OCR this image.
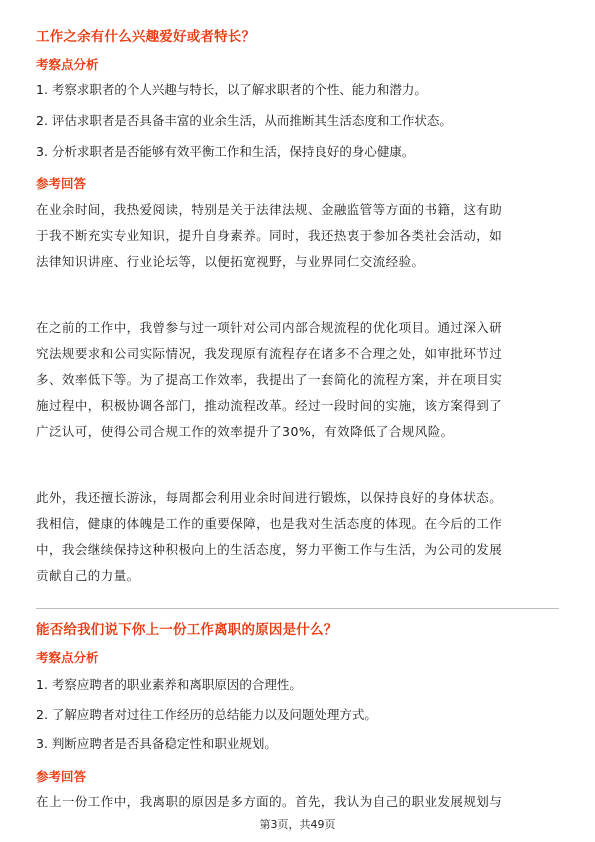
工作之余有什么兴趣爱好或者特长？
考察点分析
1. 考察求职者的个人兴趣与特长，以了解求职者的个性、能力和潜力。
2. 评估求职者是否具备丰富的业余生活，从而推断其生活态度和工作状态。
3. 分析求职者是否能够有效平衡工作和生活，保持良好的身心健康。
参考回答
在业余时间，我热爱阅读，特别是关于法律法规、金融监管等方面的书籍，这有助
于我不断充实专业知识，提升自身素养。同时，我还热衷于参加各类社会活动，如
法律知识讲座、行业论坛等，以便拓宽视野，与业界同仁交流经验。
在之前的工作中，我曾参与过一项针对公司内部合规流程的优化项目。通过深入研
究法规要求和公司实际情况，我发现原有流程存在诸多不合理之处，如审批环节过
多、效率低下等。为了提高工作效率，我提出了一套简化的流程方案，并在项目实
施过程中，积极协调各部门，推动流程改革。经过一段时间的实施，该方案得到了
广泛认可，使得公司合规工作的效率提升了30%，有效降低了合规风险。
此外，我还擅长游泳，每周都会利用业余时间进行锻炼，以保持良好的身体状态。
我相信，健康的体魄是工作的重要保障，也是我对生活态度的体现。在今后的工作
中，我会继续保持这种积极向上的生活态度，努力平衡工作与生活，为公司的发展
贡献自己的力量。
能否给我们说下你上一份工作离职的原因是什么？
考察点分析
1. 考察应聘者的职业素养和离职原因的合理性。
2. 了解应聘者对过往工作经历的总结能力以及问题处理方式。
3. 判断应聘者是否具备稳定性和职业规划。
参考回答
在上一份工作中，我离职的原因是多方面的。首先，我认为自己的职业发展规划与
第3页，共49页
